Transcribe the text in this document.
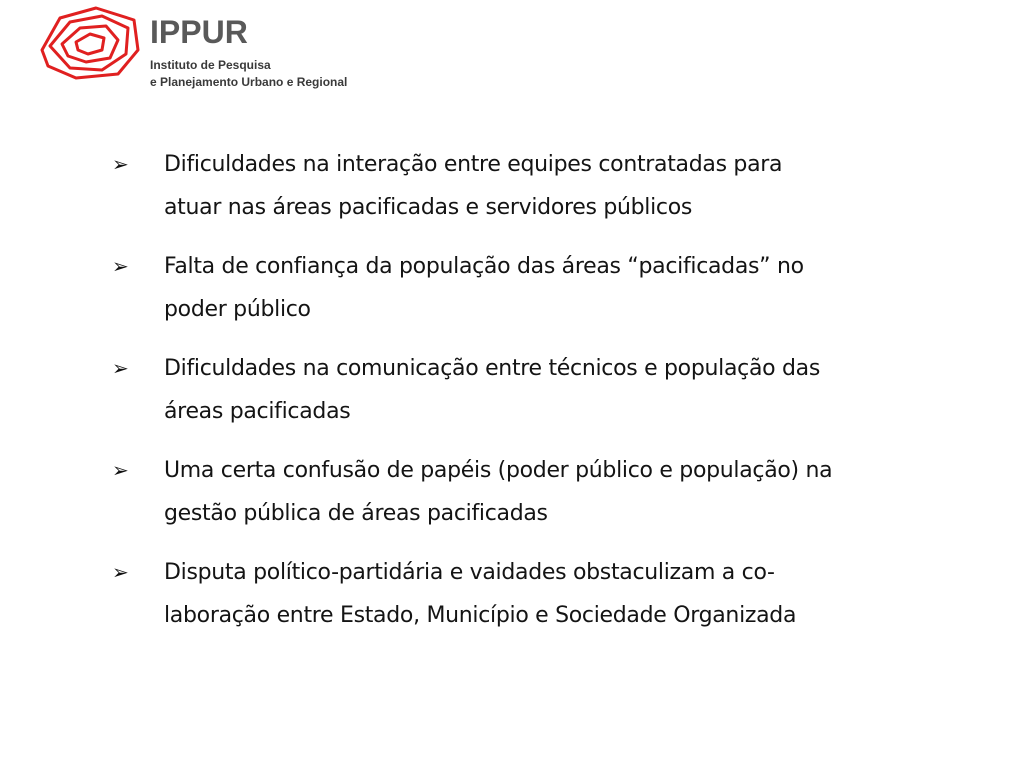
IPPUR
Instituto de Pesquisa
e Planejamento Urbano e Regional
➢ Dificuldades na interação entre equipes contratadas para
atuar nas áreas pacificadas e servidores públicos
➢ Falta de confiança da população das áreas “pacificadas” no
poder público
➢ Dificuldades na comunicação entre técnicos e população das
áreas pacificadas
➢ Uma certa confusão de papéis (poder público e população) na
gestão pública de áreas pacificadas
➢ Disputa político-partidária e vaidades obstaculizam a co-
laboração entre Estado, Município e Sociedade Organizada
